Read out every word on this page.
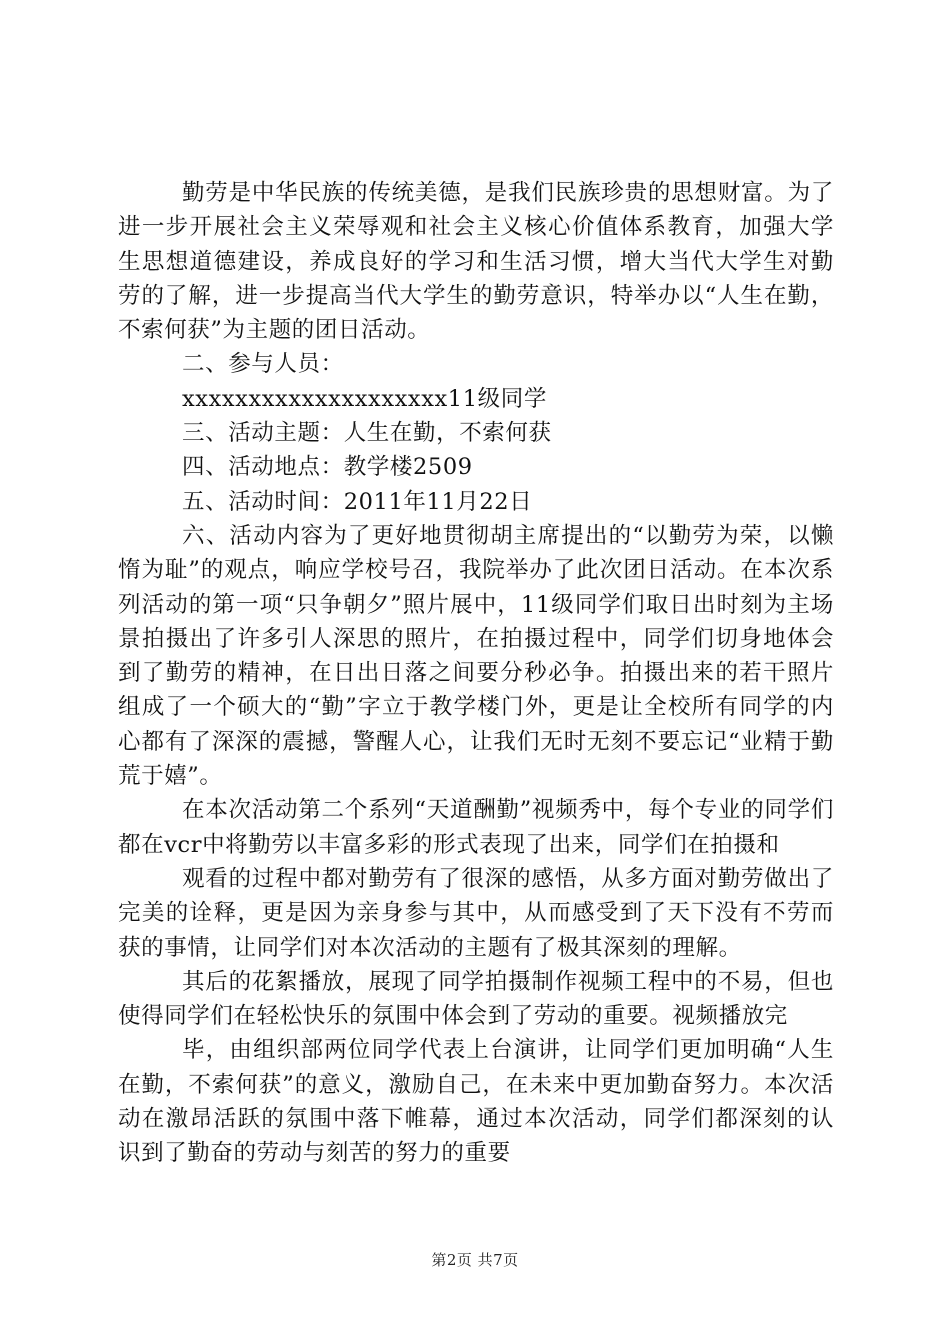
勤劳是中华民族的传统美德，是我们民族珍贵的思想财富。为了进一步开展社会主义荣辱观和社会主义核心价值体系教育，加强大学生思想道德建设，养成良好的学习和生活习惯，增大当代大学生对勤劳的了解，进一步提高当代大学生的勤劳意识，特举办以“人生在勤，不索何获”为主题的团日活动。

二、参与人员：

xxxxxxxxxxxxxxxxxxxx11级同学

三、活动主题：人生在勤，不索何获

四、活动地点：教学楼2509

五、活动时间：2011年11月22日

六、活动内容为了更好地贯彻胡主席提出的“以勤劳为荣，以懒惰为耻”的观点，响应学校号召，我院举办了此次团日活动。在本次系列活动的第一项“只争朝夕”照片展中，11级同学们取日出时刻为主场景拍摄出了许多引人深思的照片，在拍摄过程中，同学们切身地体会到了勤劳的精神，在日出日落之间要分秒必争。拍摄出来的若干照片组成了一个硕大的“勤”字立于教学楼门外，更是让全校所有同学的内心都有了深深的震撼，警醒人心，让我们无时无刻不要忘记“业精于勤荒于嬉”。

在本次活动第二个系列“天道酬勤”视频秀中，每个专业的同学们都在vcr中将勤劳以丰富多彩的形式表现了出来，同学们在拍摄和

观看的过程中都对勤劳有了很深的感悟，从多方面对勤劳做出了完美的诠释，更是因为亲身参与其中，从而感受到了天下没有不劳而获的事情，让同学们对本次活动的主题有了极其深刻的理解。

其后的花絮播放，展现了同学拍摄制作视频工程中的不易，但也使得同学们在轻松快乐的氛围中体会到了劳动的重要。视频播放完

毕，由组织部两位同学代表上台演讲，让同学们更加明确“人生在勤，不索何获”的意义，激励自己，在未来中更加勤奋努力。本次活动在激昂活跃的氛围中落下帷幕，通过本次活动，同学们都深刻的认识到了勤奋的劳动与刻苦的努力的重要

第2页 共7页
